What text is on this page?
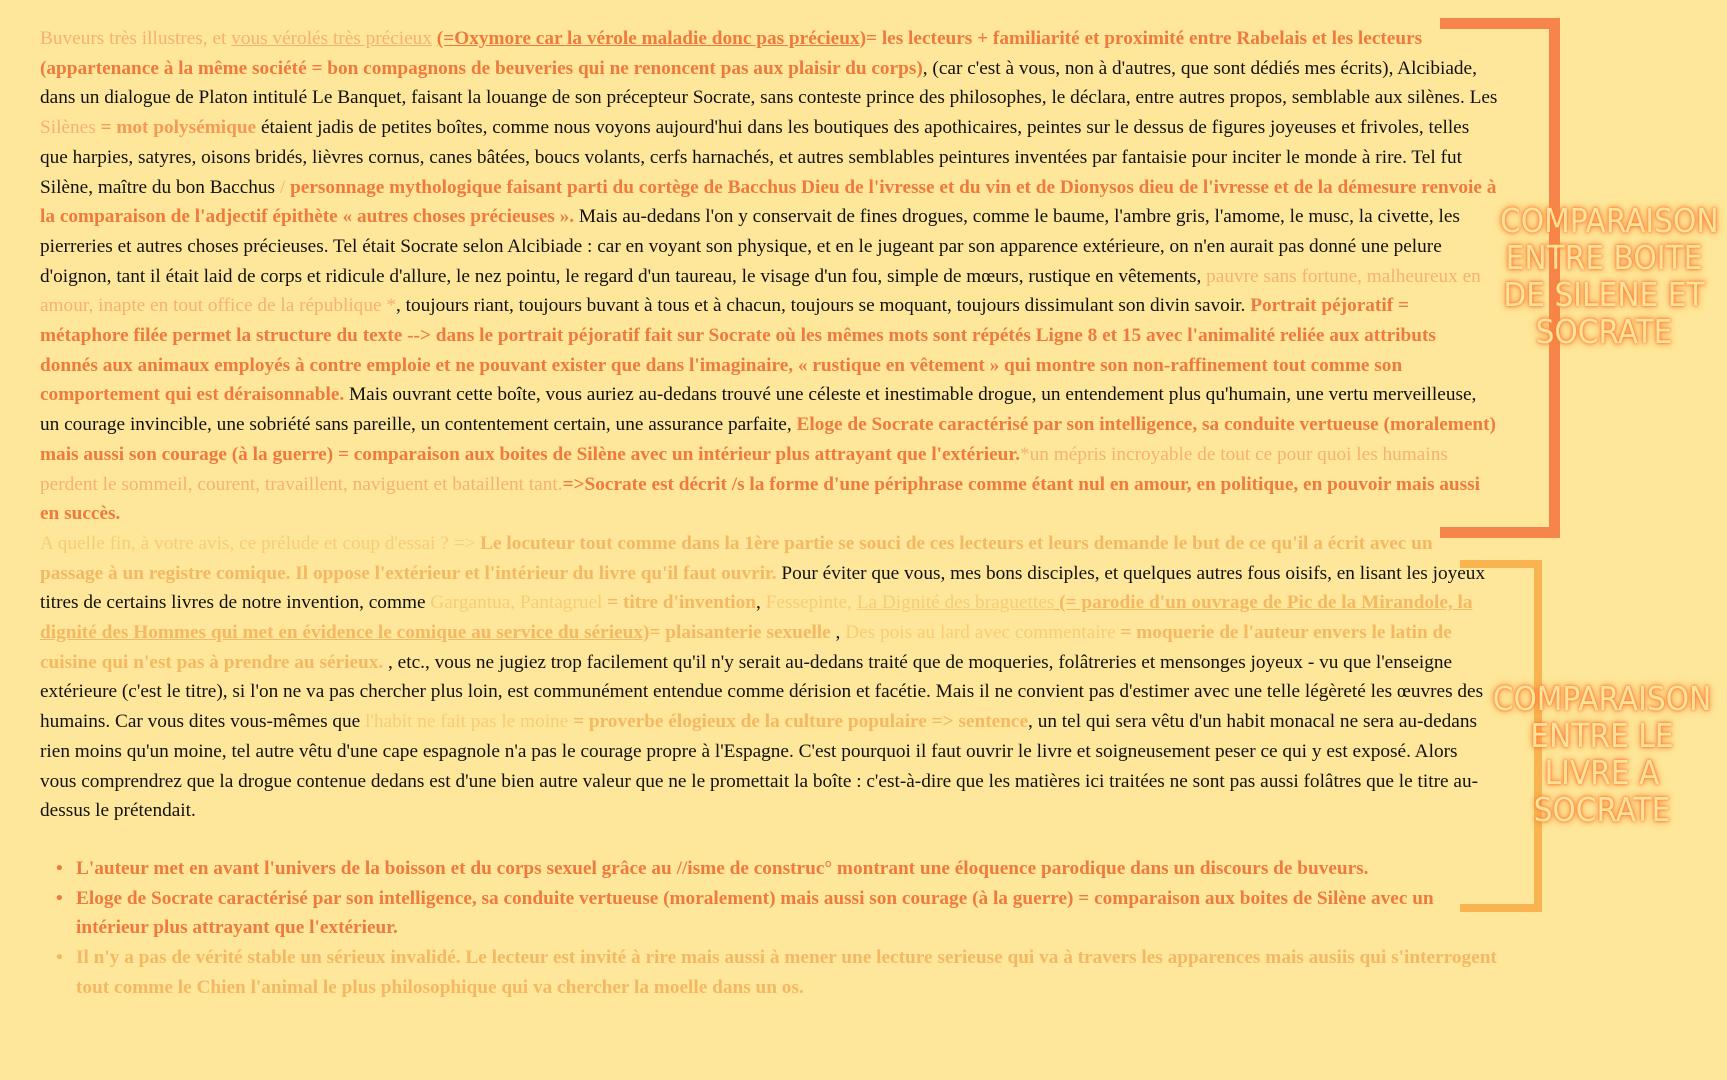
Buveurs très illustres, et vous vérolés très précieux (=Oxymore car la vérole maladie donc pas précieux)= les lecteurs + familiarité et proximité entre Rabelais et les lecteurs (appartenance à la même société = bon compagnons de beuveries qui ne renoncent pas aux plaisir du corps), (car c'est à vous, non à d'autres, que sont dédiés mes écrits), Alcibiade, dans un dialogue de Platon intitulé Le Banquet, faisant la louange de son précepteur Socrate, sans conteste prince des philosophes, le déclara, entre autres propos, semblable aux silènes. Les Silènes = mot polysémique étaient jadis de petites boîtes, comme nous voyons aujourd'hui dans les boutiques des apothicaires, peintes sur le dessus de figures joyeuses et frivoles, telles que harpies, satyres, oisons bridés, lièvres cornus, canes bâtées, boucs volants, cerfs harnachés, et autres semblables peintures inventées par fantaisie pour inciter le monde à rire. Tel fut Silène, maître du bon Bacchus / personnage mythologique faisant parti du cortège de Bacchus Dieu de l'ivresse et du vin et de Dionysos dieu de l'ivresse et de la démesure renvoie à la comparaison de l'adjectif épithète « autres choses précieuses ». Mais au-dedans l'on y conservait de fines drogues, comme le baume, l'ambre gris, l'amome, le musc, la civette, les pierreries et autres choses précieuses. Tel était Socrate selon Alcibiade : car en voyant son physique, et en le jugeant par son apparence extérieure, on n'en aurait pas donné une pelure d'oignon, tant il était laid de corps et ridicule d'allure, le nez pointu, le regard d'un taureau, le visage d'un fou, simple de mœurs, rustique en vêtements, pauvre sans fortune, malheureux en amour, inapte en tout office de la république *, toujours riant, toujours buvant à tous et à chacun, toujours se moquant, toujours dissimulant son divin savoir. Portrait péjoratif = métaphore filée permet la structure du texte --> dans le portrait péjoratif fait sur Socrate où les mêmes mots sont répétés Ligne 8 et 15 avec l'animalité reliée aux attributs donnés aux animaux employés à contre emploie et ne pouvant exister que dans l'imaginaire, « rustique en vêtement » qui montre son non-raffinement tout comme son comportement qui est déraisonnable. Mais ouvrant cette boîte, vous auriez au-dedans trouvé une céleste et inestimable drogue, un entendement plus qu'humain, une vertu merveilleuse, un courage invincible, une sobriété sans pareille, un contentement certain, une assurance parfaite, Eloge de Socrate caractérisé par son intelligence, sa conduite vertueuse (moralement) mais aussi son courage (à la guerre) = comparaison aux boites de Silène avec un intérieur plus attrayant que l'extérieur.*un mépris incroyable de tout ce pour quoi les humains perdent le sommeil, courent, travaillent, naviguent et bataillent tant.=>Socrate est décrit /s la forme d'une périphrase comme étant nul en amour, en politique, en pouvoir mais aussi en succès.

A quelle fin, à votre avis, ce prélude et coup d'essai ? => Le locuteur tout comme dans la 1ère partie se souci de ces lecteurs et leurs demande le but de ce qu'il a écrit avec un passage à un registre comique. Il oppose l'extérieur et l'intérieur du livre qu'il faut ouvrir. Pour éviter que vous, mes bons disciples, et quelques autres fous oisifs, en lisant les joyeux titres de certains livres de notre invention, comme Gargantua, Pantagruel = titre d'invention, Fessepinte, La Dignité des braguettes (= parodie d'un ouvrage de Pic de la Mirandole, la dignité des Hommes qui met en évidence le comique au service du sérieux)= plaisanterie sexuelle , Des pois au lard avec commentaire = moquerie de l'auteur envers le latin de cuisine qui n'est pas à prendre au sérieux. , etc., vous ne jugiez trop facilement qu'il n'y serait au-dedans traité que de moqueries, folâtreries et mensonges joyeux - vu que l'enseigne extérieure (c'est le titre), si l'on ne va pas chercher plus loin, est communément entendue comme dérision et facétie. Mais il ne convient pas d'estimer avec une telle légèreté les œuvres des humains. Car vous dites vous-mêmes que l'habit ne fait pas le moine = proverbe élogieux de la culture populaire => sentence, un tel qui sera vêtu d'un habit monacal ne sera au-dedans rien moins qu'un moine, tel autre vêtu d'une cape espagnole n'a pas le courage propre à l'Espagne. C'est pourquoi il faut ouvrir le livre et soigneusement peser ce qui y est exposé. Alors vous comprendrez que la drogue contenue dedans est d'une bien autre valeur que ne le promettait la boîte : c'est-à-dire que les matières ici traitées ne sont pas aussi folâtres que le titre au-dessus le prétendait.

• L'auteur met en avant l'univers de la boisson et du corps sexuel grâce au //isme de construc° montrant une éloquence parodique dans un discours de buveurs.
• Eloge de Socrate caractérisé par son intelligence, sa conduite vertueuse (moralement) mais aussi son courage (à la guerre) = comparaison aux boites de Silène avec un intérieur plus attrayant que l'extérieur.
• Il n'y a pas de vérité stable un sérieux invalidé. Le lecteur est invité à rire mais aussi à mener une lecture serieuse qui va à travers les apparences mais ausiis qui s'interrogent tout comme le Chien l'animal le plus philosophique qui va chercher la moelle dans un os.
COMPARAISON ENTRE BOITE DE SILENE ET SOCRATE
COMPARAISON ENTRE LE LIVRE A SOCRATE
